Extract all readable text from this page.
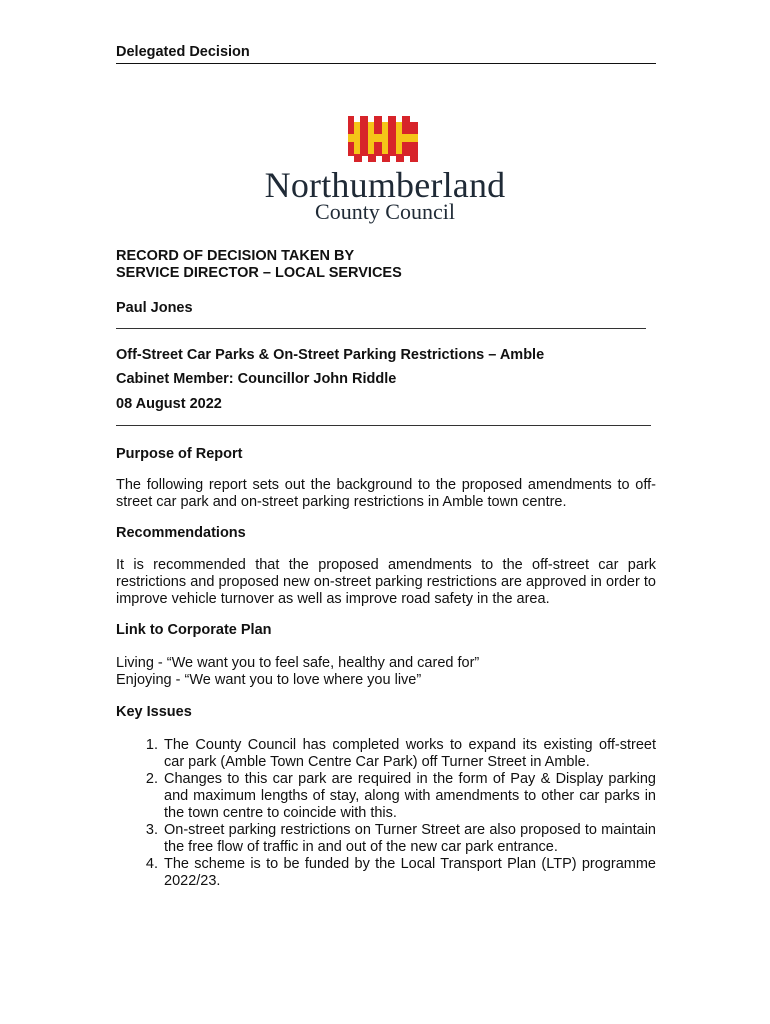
Delegated Decision
Northumberland
County Council
RECORD OF DECISION TAKEN BY
SERVICE DIRECTOR – LOCAL SERVICES
Paul Jones
Off-Street Car Parks & On-Street Parking Restrictions – Amble
Cabinet Member: Councillor John Riddle
08 August 2022
Purpose of Report
The following report sets out the background to the proposed amendments to off-street car park and on-street parking restrictions in Amble town centre.
Recommendations
It is recommended that the proposed amendments to the off-street car park restrictions and proposed new on-street parking restrictions are approved in order to improve vehicle turnover as well as improve road safety in the area.
Link to Corporate Plan
Living - “We want you to feel safe, healthy and cared for”
Enjoying - “We want you to love where you live”
Key Issues
1. The County Council has completed works to expand its existing off-street car park (Amble Town Centre Car Park) off Turner Street in Amble.
2. Changes to this car park are required in the form of Pay & Display parking and maximum lengths of stay, along with amendments to other car parks in the town centre to coincide with this.
3. On-street parking restrictions on Turner Street are also proposed to maintain the free flow of traffic in and out of the new car park entrance.
4. The scheme is to be funded by the Local Transport Plan (LTP) programme 2022/23.
